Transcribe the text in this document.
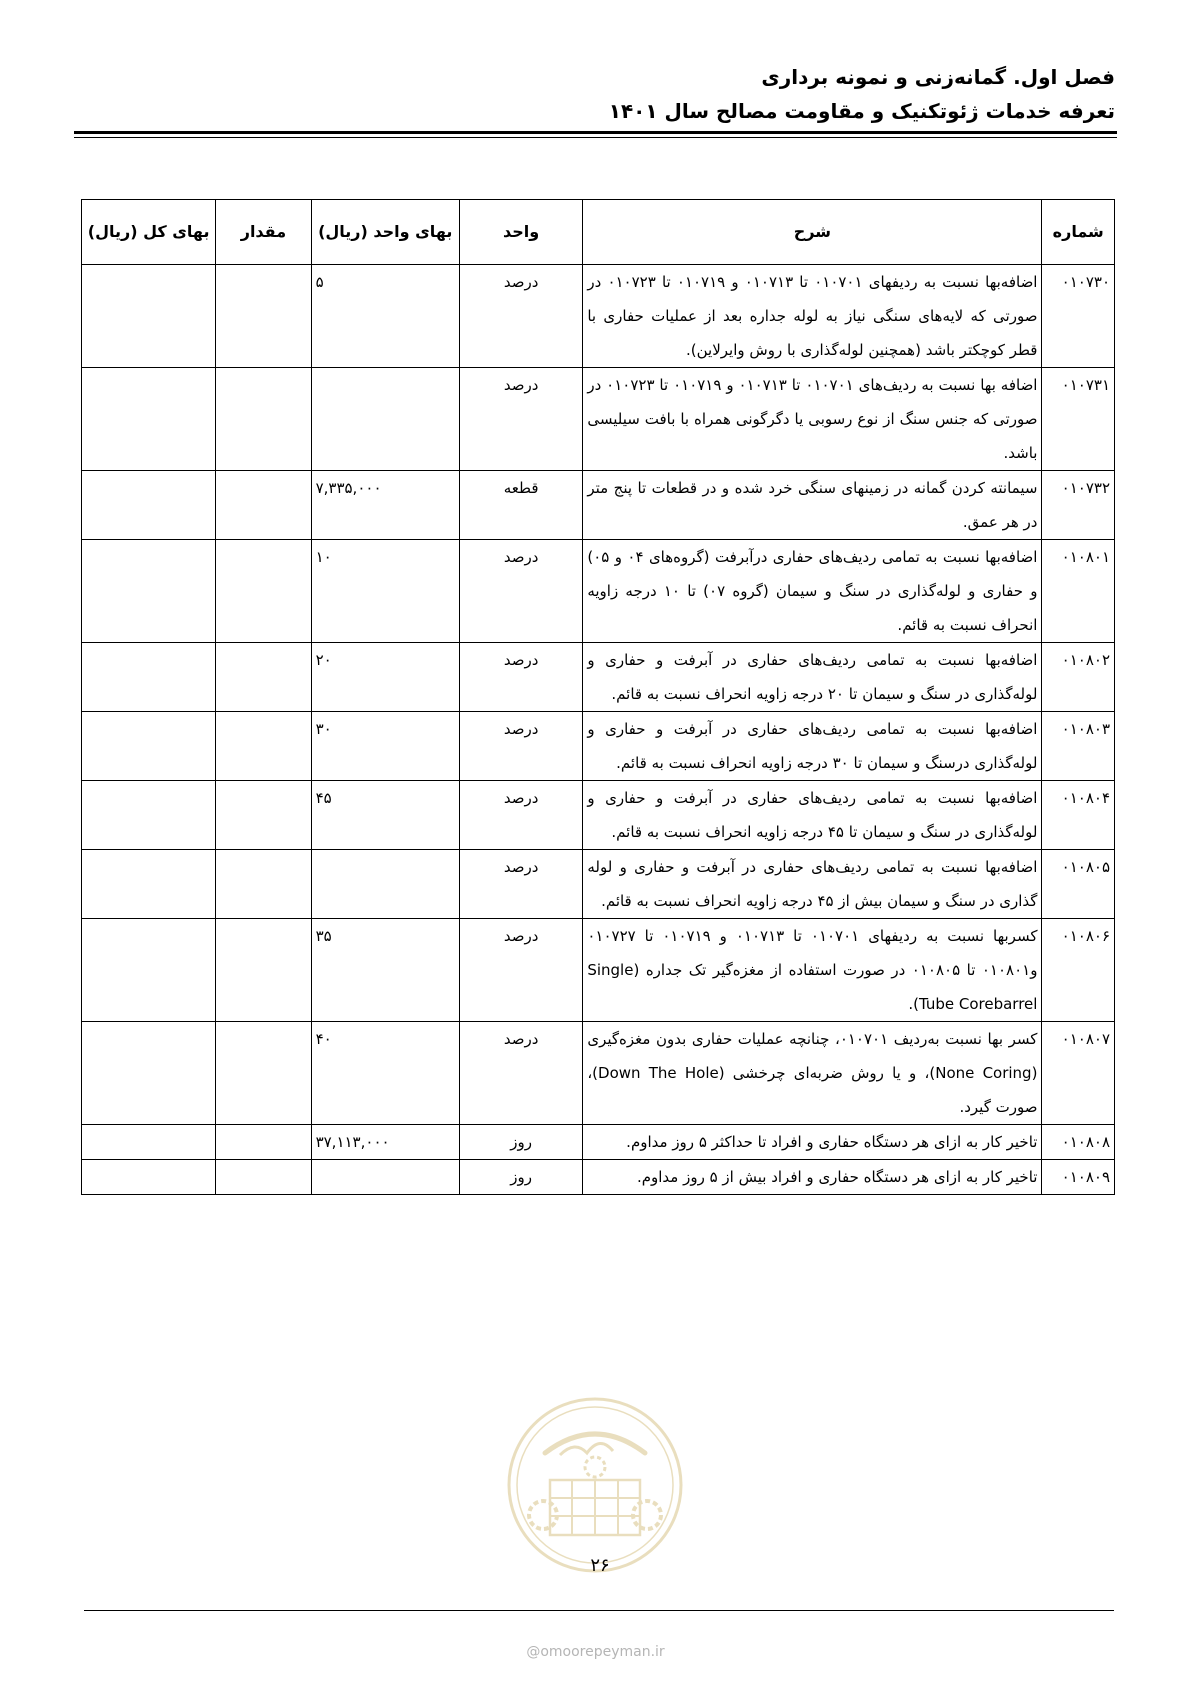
فصل اول. گمانه‌زنی و نمونه برداری
تعرفه خدمات ژئوتکنیک و مقاومت مصالح سال ۱۴۰۱
شماره	شرح	واحد	بهای واحد (ریال)	مقدار	بهای کل (ریال)
۰۱۰۷۳۰	اضافه‌بها نسبت به ردیفهای ۰۱۰۷۰۱ تا ۰۱۰۷۱۳ و ۰۱۰۷۱۹ تا ۰۱۰۷۲۳ در صورتی که لایه‌های سنگی نیاز به لوله جداره بعد از عملیات حفاری با قطر کوچکتر باشد (همچنین لوله‌گذاری با روش وایرلاین).	درصد	۵		
۰۱۰۷۳۱	اضافه بها نسبت به ردیف‌های ۰۱۰۷۰۱ تا ۰۱۰۷۱۳ و ۰۱۰۷۱۹ تا ۰۱۰۷۲۳ در صورتی که جنس سنگ از نوع رسوبی یا دگرگونی همراه با بافت سیلیسی باشد.	درصد			
۰۱۰۷۳۲	سیمانته کردن گمانه در زمینهای سنگی خرد شده و در قطعات تا پنج متر در هر عمق.	قطعه	۷,۳۳۵,۰۰۰		
۰۱۰۸۰۱	اضافه‌بها نسبت به تمامی ردیف‌های حفاری درآبرفت (گروه‌های ۰۴ و ۰۵) و حفاری و لوله‌گذاری در سنگ و سیمان (گروه ۰۷) تا ۱۰ درجه زاویه انحراف نسبت به قائم.	درصد	۱۰		
۰۱۰۸۰۲	اضافه‌بها نسبت به تمامی ردیف‌های حفاری در آبرفت و حفاری و لوله‌گذاری در سنگ و سیمان تا ۲۰ درجه زاویه انحراف نسبت به قائم.	درصد	۲۰		
۰۱۰۸۰۳	اضافه‌بها نسبت به تمامی ردیف‌های حفاری در آبرفت و حفاری و لوله‌گذاری درسنگ و سیمان تا ۳۰ درجه زاویه انحراف نسبت به قائم.	درصد	۳۰		
۰۱۰۸۰۴	اضافه‌بها نسبت به تمامی ردیف‌های حفاری در آبرفت و حفاری و لوله‌گذاری در سنگ و سیمان تا ۴۵ درجه زاویه انحراف نسبت به قائم.	درصد	۴۵		
۰۱۰۸۰۵	اضافه‌بها نسبت به تمامی ردیف‌های حفاری در آبرفت و حفاری و لوله گذاری در سنگ و سیمان بیش از ۴۵ درجه زاویه انحراف نسبت به قائم.	درصد			
۰۱۰۸۰۶	کسربها نسبت به ردیفهای ۰۱۰۷۰۱ تا ۰۱۰۷۱۳ و ۰۱۰۷۱۹ تا ۰۱۰۷۲۷ و۰۱۰۸۰۱ تا ۰۱۰۸۰۵ در صورت استفاده از مغزه‌گیر تک جداره (Single Tube Corebarrel).	درصد	۳۵		
۰۱۰۸۰۷	کسر بها نسبت به‌ردیف ۰۱۰۷۰۱، چنانچه عملیات حفاری بدون مغزه‌گیری (None Coring)، و یا روش ضربه‌ای چرخشی (Down The Hole)، صورت گیرد.	درصد	۴۰		
۰۱۰۸۰۸	تاخیر کار به ازای هر دستگاه حفاری و افراد تا حداکثر ۵ روز مداوم.	روز	۳۷,۱۱۳,۰۰۰		
۰۱۰۸۰۹	تاخیر کار به ازای هر دستگاه حفاری و افراد بیش از ۵ روز مداوم.	روز			
۲۶
@omoorepeyman.ir
